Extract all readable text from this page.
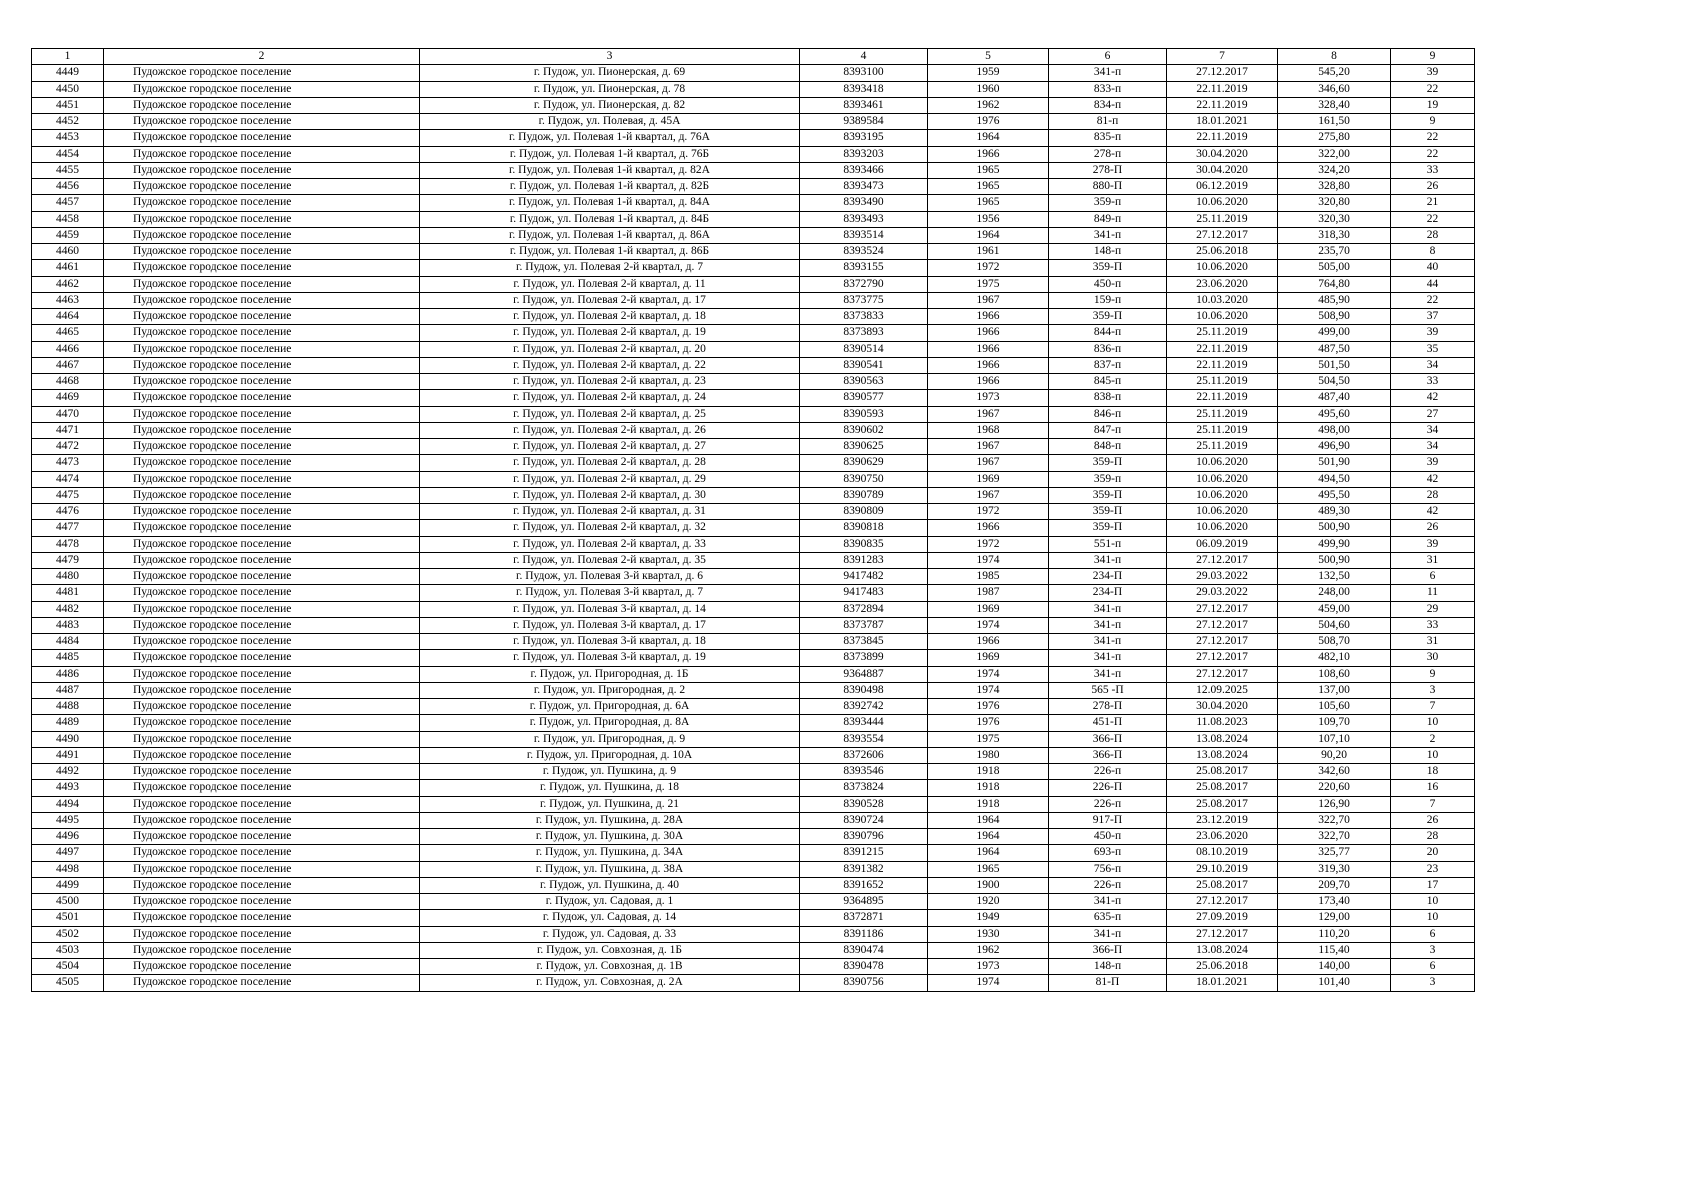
1	2	3	4	5	6	7	8	9
4449	Пудожское городское поселение	г. Пудож, ул. Пионерская, д. 69	8393100	1959	341-п	27.12.2017	545,20	39
4450	Пудожское городское поселение	г. Пудож, ул. Пионерская, д. 78	8393418	1960	833-п	22.11.2019	346,60	22
4451	Пудожское городское поселение	г. Пудож, ул. Пионерская, д. 82	8393461	1962	834-п	22.11.2019	328,40	19
4452	Пудожское городское поселение	г. Пудож, ул. Полевая, д. 45А	9389584	1976	81-п	18.01.2021	161,50	9
4453	Пудожское городское поселение	г. Пудож, ул. Полевая 1-й квартал, д. 76А	8393195	1964	835-п	22.11.2019	275,80	22
4454	Пудожское городское поселение	г. Пудож, ул. Полевая 1-й квартал, д. 76Б	8393203	1966	278-п	30.04.2020	322,00	22
4455	Пудожское городское поселение	г. Пудож, ул. Полевая 1-й квартал, д. 82А	8393466	1965	278-П	30.04.2020	324,20	33
4456	Пудожское городское поселение	г. Пудож, ул. Полевая 1-й квартал, д. 82Б	8393473	1965	880-П	06.12.2019	328,80	26
4457	Пудожское городское поселение	г. Пудож, ул. Полевая 1-й квартал, д. 84А	8393490	1965	359-п	10.06.2020	320,80	21
4458	Пудожское городское поселение	г. Пудож, ул. Полевая 1-й квартал, д. 84Б	8393493	1956	849-п	25.11.2019	320,30	22
4459	Пудожское городское поселение	г. Пудож, ул. Полевая 1-й квартал, д. 86А	8393514	1964	341-п	27.12.2017	318,30	28
4460	Пудожское городское поселение	г. Пудож, ул. Полевая 1-й квартал, д. 86Б	8393524	1961	148-п	25.06.2018	235,70	8
4461	Пудожское городское поселение	г. Пудож, ул. Полевая 2-й квартал, д. 7	8393155	1972	359-П	10.06.2020	505,00	40
4462	Пудожское городское поселение	г. Пудож, ул. Полевая 2-й квартал, д. 11	8372790	1975	450-п	23.06.2020	764,80	44
4463	Пудожское городское поселение	г. Пудож, ул. Полевая 2-й квартал, д. 17	8373775	1967	159-п	10.03.2020	485,90	22
4464	Пудожское городское поселение	г. Пудож, ул. Полевая 2-й квартал, д. 18	8373833	1966	359-П	10.06.2020	508,90	37
4465	Пудожское городское поселение	г. Пудож, ул. Полевая 2-й квартал, д. 19	8373893	1966	844-п	25.11.2019	499,00	39
4466	Пудожское городское поселение	г. Пудож, ул. Полевая 2-й квартал, д. 20	8390514	1966	836-п	22.11.2019	487,50	35
4467	Пудожское городское поселение	г. Пудож, ул. Полевая 2-й квартал, д. 22	8390541	1966	837-п	22.11.2019	501,50	34
4468	Пудожское городское поселение	г. Пудож, ул. Полевая 2-й квартал, д. 23	8390563	1966	845-п	25.11.2019	504,50	33
4469	Пудожское городское поселение	г. Пудож, ул. Полевая 2-й квартал, д. 24	8390577	1973	838-п	22.11.2019	487,40	42
4470	Пудожское городское поселение	г. Пудож, ул. Полевая 2-й квартал, д. 25	8390593	1967	846-п	25.11.2019	495,60	27
4471	Пудожское городское поселение	г. Пудож, ул. Полевая 2-й квартал, д. 26	8390602	1968	847-п	25.11.2019	498,00	34
4472	Пудожское городское поселение	г. Пудож, ул. Полевая 2-й квартал, д. 27	8390625	1967	848-п	25.11.2019	496,90	34
4473	Пудожское городское поселение	г. Пудож, ул. Полевая 2-й квартал, д. 28	8390629	1967	359-П	10.06.2020	501,90	39
4474	Пудожское городское поселение	г. Пудож, ул. Полевая 2-й квартал, д. 29	8390750	1969	359-п	10.06.2020	494,50	42
4475	Пудожское городское поселение	г. Пудож, ул. Полевая 2-й квартал, д. 30	8390789	1967	359-П	10.06.2020	495,50	28
4476	Пудожское городское поселение	г. Пудож, ул. Полевая 2-й квартал, д. 31	8390809	1972	359-П	10.06.2020	489,30	42
4477	Пудожское городское поселение	г. Пудож, ул. Полевая 2-й квартал, д. 32	8390818	1966	359-П	10.06.2020	500,90	26
4478	Пудожское городское поселение	г. Пудож, ул. Полевая 2-й квартал, д. 33	8390835	1972	551-п	06.09.2019	499,90	39
4479	Пудожское городское поселение	г. Пудож, ул. Полевая 2-й квартал, д. 35	8391283	1974	341-п	27.12.2017	500,90	31
4480	Пудожское городское поселение	г. Пудож, ул. Полевая 3-й квартал, д. 6	9417482	1985	234-П	29.03.2022	132,50	6
4481	Пудожское городское поселение	г. Пудож, ул. Полевая 3-й квартал, д. 7	9417483	1987	234-П	29.03.2022	248,00	11
4482	Пудожское городское поселение	г. Пудож, ул. Полевая 3-й квартал, д. 14	8372894	1969	341-п	27.12.2017	459,00	29
4483	Пудожское городское поселение	г. Пудож, ул. Полевая 3-й квартал, д. 17	8373787	1974	341-п	27.12.2017	504,60	33
4484	Пудожское городское поселение	г. Пудож, ул. Полевая 3-й квартал, д. 18	8373845	1966	341-п	27.12.2017	508,70	31
4485	Пудожское городское поселение	г. Пудож, ул. Полевая 3-й квартал, д. 19	8373899	1969	341-п	27.12.2017	482,10	30
4486	Пудожское городское поселение	г. Пудож, ул. Пригородная, д. 1Б	9364887	1974	341-п	27.12.2017	108,60	9
4487	Пудожское городское поселение	г. Пудож, ул. Пригородная, д. 2	8390498	1974	565 -П	12.09.2025	137,00	3
4488	Пудожское городское поселение	г. Пудож, ул. Пригородная, д. 6А	8392742	1976	278-П	30.04.2020	105,60	7
4489	Пудожское городское поселение	г. Пудож, ул. Пригородная, д. 8А	8393444	1976	451-П	11.08.2023	109,70	10
4490	Пудожское городское поселение	г. Пудож, ул. Пригородная, д. 9	8393554	1975	366-П	13.08.2024	107,10	2
4491	Пудожское городское поселение	г. Пудож, ул. Пригородная, д. 10А	8372606	1980	366-П	13.08.2024	90,20	10
4492	Пудожское городское поселение	г. Пудож, ул. Пушкина, д. 9	8393546	1918	226-п	25.08.2017	342,60	18
4493	Пудожское городское поселение	г. Пудож, ул. Пушкина, д. 18	8373824	1918	226-П	25.08.2017	220,60	16
4494	Пудожское городское поселение	г. Пудож, ул. Пушкина, д. 21	8390528	1918	226-п	25.08.2017	126,90	7
4495	Пудожское городское поселение	г. Пудож, ул. Пушкина, д. 28А	8390724	1964	917-П	23.12.2019	322,70	26
4496	Пудожское городское поселение	г. Пудож, ул. Пушкина, д. 30А	8390796	1964	450-п	23.06.2020	322,70	28
4497	Пудожское городское поселение	г. Пудож, ул. Пушкина, д. 34А	8391215	1964	693-п	08.10.2019	325,77	20
4498	Пудожское городское поселение	г. Пудож, ул. Пушкина, д. 38А	8391382	1965	756-п	29.10.2019	319,30	23
4499	Пудожское городское поселение	г. Пудож, ул. Пушкина, д. 40	8391652	1900	226-п	25.08.2017	209,70	17
4500	Пудожское городское поселение	г. Пудож, ул. Садовая, д. 1	9364895	1920	341-п	27.12.2017	173,40	10
4501	Пудожское городское поселение	г. Пудож, ул. Садовая, д. 14	8372871	1949	635-п	27.09.2019	129,00	10
4502	Пудожское городское поселение	г. Пудож, ул. Садовая, д. 33	8391186	1930	341-п	27.12.2017	110,20	6
4503	Пудожское городское поселение	г. Пудож, ул. Совхозная, д. 1Б	8390474	1962	366-П	13.08.2024	115,40	3
4504	Пудожское городское поселение	г. Пудож, ул. Совхозная, д. 1В	8390478	1973	148-п	25.06.2018	140,00	6
4505	Пудожское городское поселение	г. Пудож, ул. Совхозная, д. 2А	8390756	1974	81-П	18.01.2021	101,40	3
